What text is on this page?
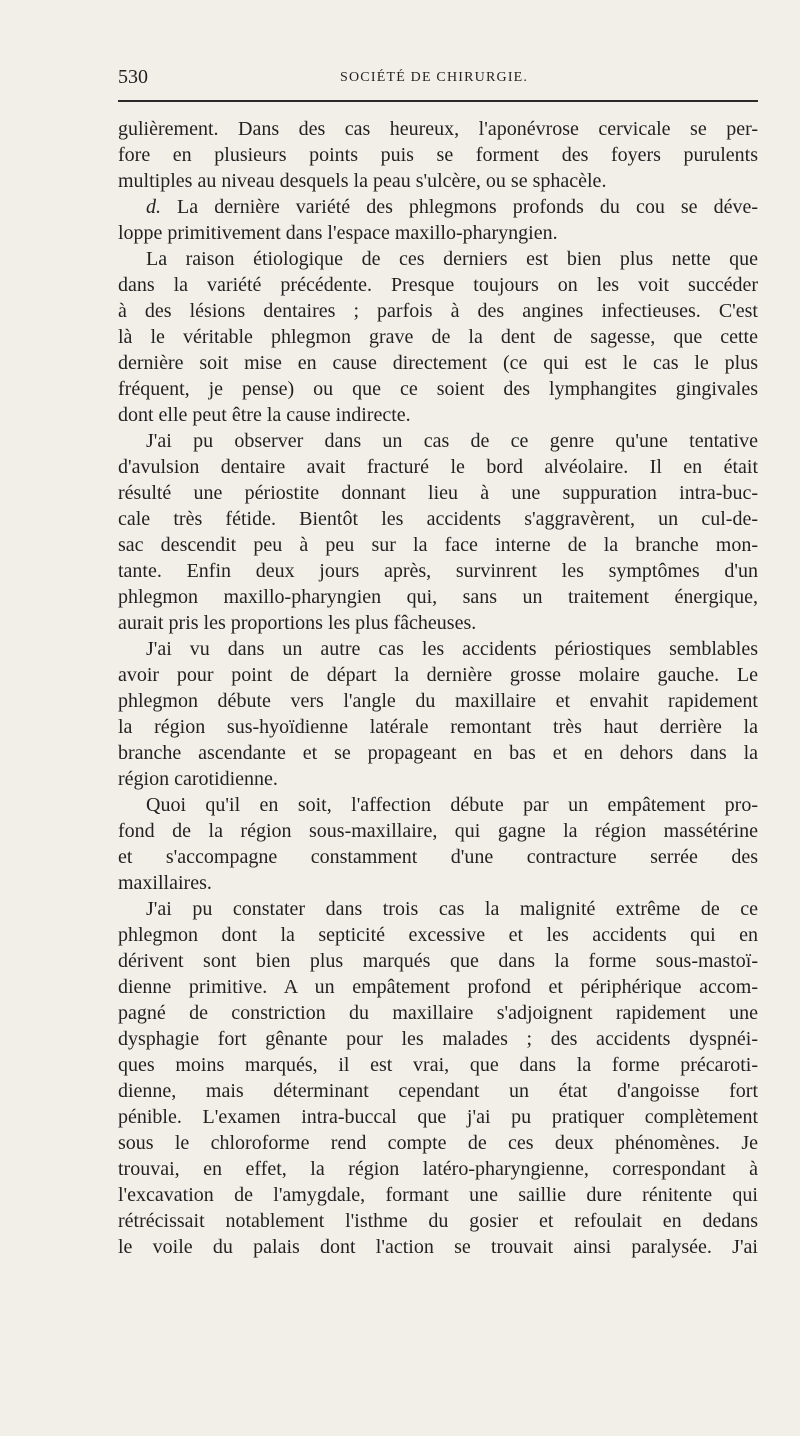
530	SOCIÉTÉ DE CHIRURGIE.
gulièrement. Dans des cas heureux, l'aponévrose cervicale se per-
fore en plusieurs points puis se forment des foyers purulents
multiples au niveau desquels la peau s'ulcère, ou se sphacèle.
d. La dernière variété des phlegmons profonds du cou se déve-
loppe primitivement dans l'espace maxillo-pharyngien.
La raison étiologique de ces derniers est bien plus nette que
dans la variété précédente. Presque toujours on les voit succéder
à des lésions dentaires ; parfois à des angines infectieuses. C'est
là le véritable phlegmon grave de la dent de sagesse, que cette
dernière soit mise en cause directement (ce qui est le cas le plus
fréquent, je pense) ou que ce soient des lymphangites gingivales
dont elle peut être la cause indirecte.
J'ai pu observer dans un cas de ce genre qu'une tentative
d'avulsion dentaire avait fracturé le bord alvéolaire. Il en était
résulté une périostite donnant lieu à une suppuration intra-buc-
cale très fétide. Bientôt les accidents s'aggravèrent, un cul-de-
sac descendit peu à peu sur la face interne de la branche mon-
tante. Enfin deux jours après, survinrent les symptômes d'un
phlegmon maxillo-pharyngien qui, sans un traitement énergique,
aurait pris les proportions les plus fâcheuses.
J'ai vu dans un autre cas les accidents périostiques semblables
avoir pour point de départ la dernière grosse molaire gauche. Le
phlegmon débute vers l'angle du maxillaire et envahit rapidement
la région sus-hyoïdienne latérale remontant très haut derrière la
branche ascendante et se propageant en bas et en dehors dans la
région carotidienne.
Quoi qu'il en soit, l'affection débute par un empâtement pro-
fond de la région sous-maxillaire, qui gagne la région massétérine
et s'accompagne constamment d'une contracture serrée des
maxillaires.
J'ai pu constater dans trois cas la malignité extrême de ce
phlegmon dont la septicité excessive et les accidents qui en
dérivent sont bien plus marqués que dans la forme sous-mastoï-
dienne primitive. A un empâtement profond et périphérique accom-
pagné de constriction du maxillaire s'adjoignent rapidement une
dysphagie fort gênante pour les malades ; des accidents dyspnéi-
ques moins marqués, il est vrai, que dans la forme précaroti-
dienne, mais déterminant cependant un état d'angoisse fort
pénible. L'examen intra-buccal que j'ai pu pratiquer complètement
sous le chloroforme rend compte de ces deux phénomènes. Je
trouvai, en effet, la région latéro-pharyngienne, correspondant à
l'excavation de l'amygdale, formant une saillie dure rénitente qui
rétrécissait notablement l'isthme du gosier et refoulait en dedans
le voile du palais dont l'action se trouvait ainsi paralysée. J'ai
